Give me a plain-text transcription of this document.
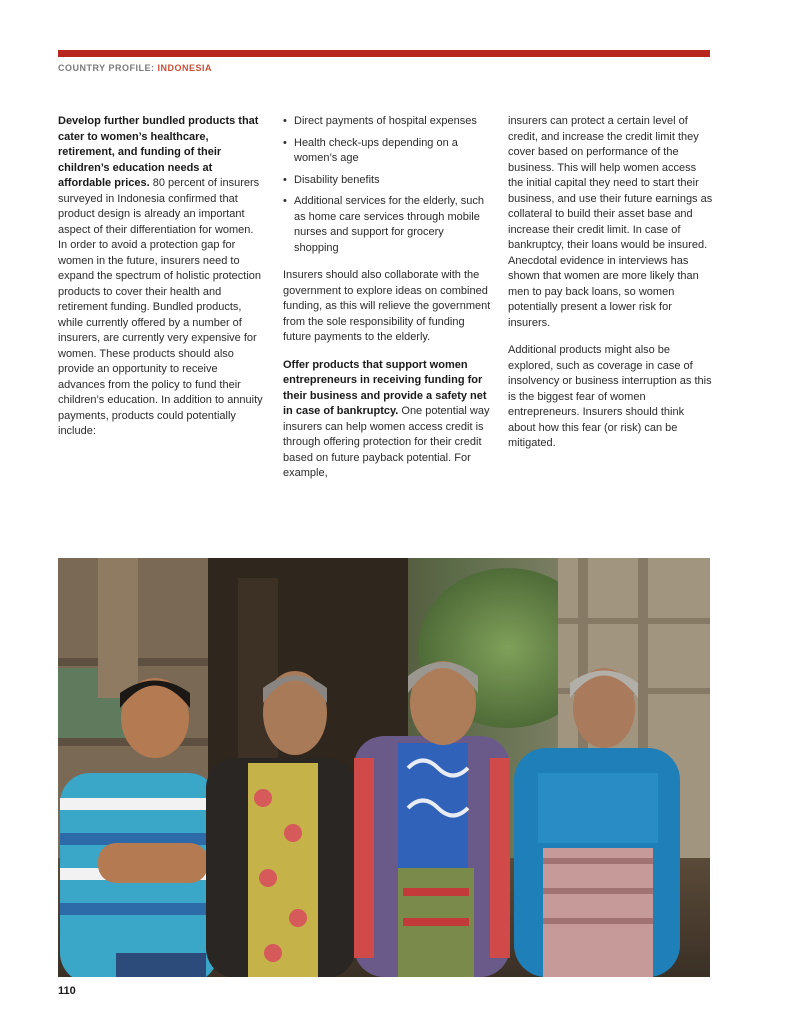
COUNTRY PROFILE: INDONESIA

Develop further bundled products that cater to women’s healthcare, retirement, and funding of their children’s education needs at affordable prices. 80 percent of insurers surveyed in Indonesia confirmed that product design is already an important aspect of their differentiation for women. In order to avoid a protection gap for women in the future, insurers need to expand the spectrum of holistic protection products to cover their health and retirement funding. Bundled products, while currently offered by a number of insurers, are currently very expensive for women. These products should also provide an opportunity to receive advances from the policy to fund their children’s education. In addition to annuity payments, products could potentially include:

• Direct payments of hospital expenses
• Health check-ups depending on a women’s age
• Disability benefits
• Additional services for the elderly, such as home care services through mobile nurses and support for grocery shopping

Insurers should also collaborate with the government to explore ideas on combined funding, as this will relieve the government from the sole responsibility of funding future payments to the elderly.

Offer products that support women entrepreneurs in receiving funding for their business and provide a safety net in case of bankruptcy. One potential way insurers can help women access credit is through offering protection for their credit based on future payback potential. For example,

insurers can protect a certain level of credit, and increase the credit limit they cover based on performance of the business. This will help women access the initial capital they need to start their business, and use their future earnings as collateral to build their asset base and increase their credit limit. In case of bankruptcy, their loans would be insured. Anecdotal evidence in interviews has shown that women are more likely than men to pay back loans, so women potentially present a lower risk for insurers.

Additional products might also be explored, such as coverage in case of insolvency or business interruption as this is the biggest fear of women entrepreneurs. Insurers should think about how this fear (or risk) can be mitigated.

110
